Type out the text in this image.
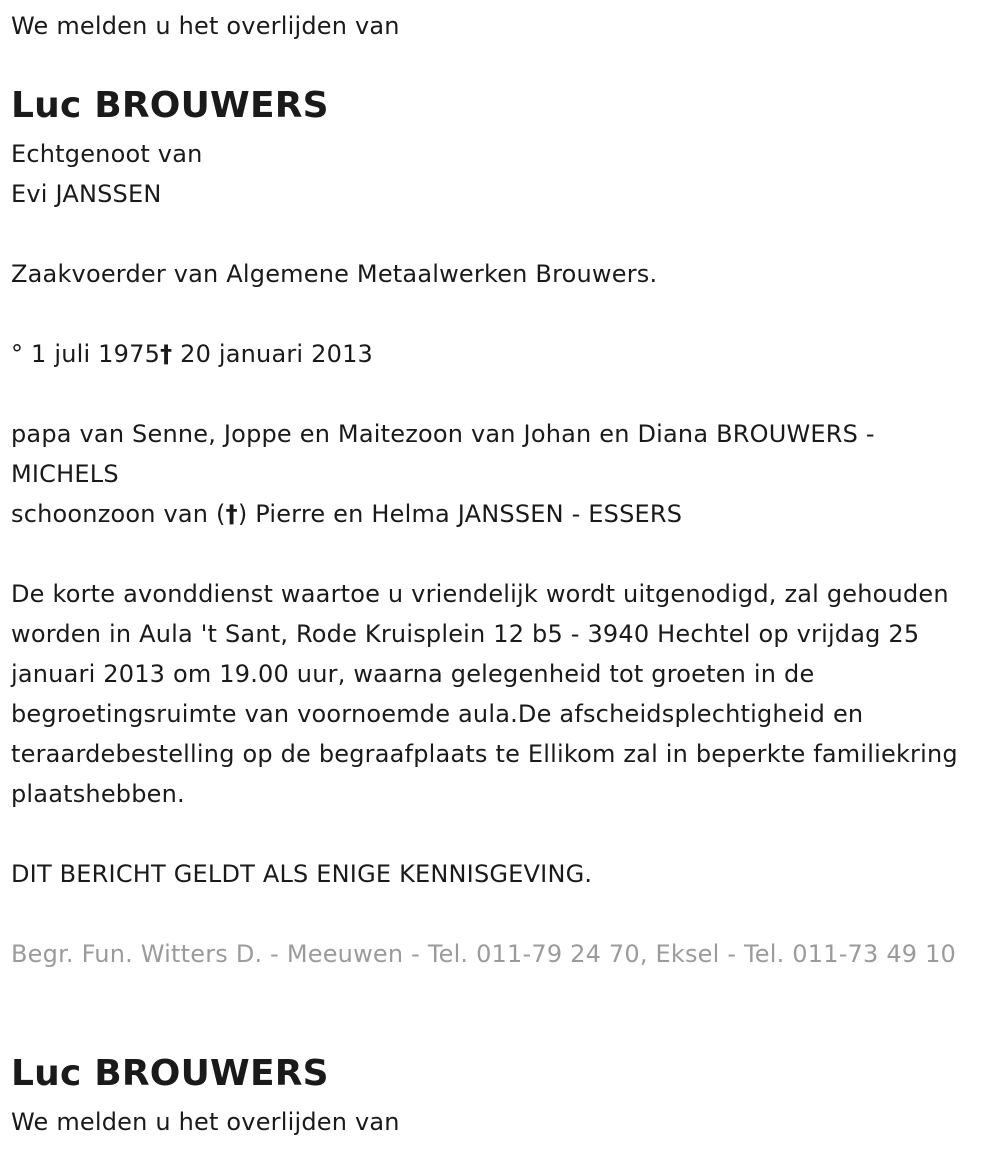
We melden u het overlijden van
Luc BROUWERS
Echtgenoot van
Evi JANSSEN
Zaakvoerder van Algemene Metaalwerken Brouwers.
° 1 juli 1975† 20 januari 2013
papa van Senne, Joppe en Maitezoon van Johan en Diana BROUWERS - MICHELS
schoonzoon van (†) Pierre en Helma JANSSEN - ESSERS
De korte avonddienst waartoe u vriendelijk wordt uitgenodigd, zal gehouden worden in Aula 't Sant, Rode Kruisplein 12 b5 - 3940 Hechtel op vrijdag 25 januari 2013 om 19.00 uur, waarna gelegenheid tot groeten in de begroetingsruimte van voornoemde aula.De afscheidsplechtigheid en teraardebestelling op de begraafplaats te Ellikom zal in beperkte familiekring plaatshebben.
DIT BERICHT GELDT ALS ENIGE KENNISGEVING.
Begr. Fun. Witters D. - Meeuwen - Tel. 011-79 24 70, Eksel - Tel. 011-73 49 10
Luc BROUWERS
We melden u het overlijden van
